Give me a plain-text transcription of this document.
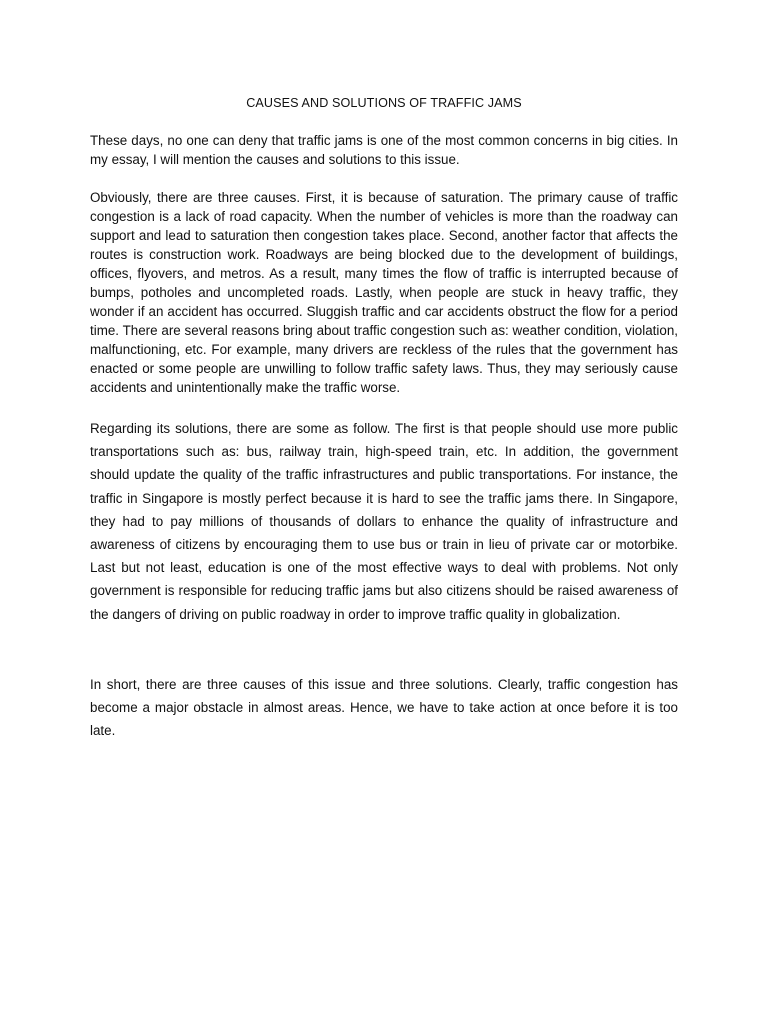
CAUSES AND SOLUTIONS OF TRAFFIC JAMS

These days, no one can deny that traffic jams is one of the most common concerns in big cities. In my essay, I will mention the causes and solutions to this issue.

Obviously, there are three causes. First, it is because of saturation. The primary cause of traffic congestion is a lack of road capacity. When the number of vehicles is more than the roadway can support and lead to saturation then congestion takes place. Second, another factor that affects the routes is construction work. Roadways are being blocked due to the development of buildings, offices, flyovers, and metros. As a result, many times the flow of traffic is interrupted because of bumps, potholes and uncompleted roads. Lastly, when people are stuck in heavy traffic, they wonder if an accident has occurred. Sluggish traffic and car accidents obstruct the flow for a period time. There are several reasons bring about traffic congestion such as: weather condition, violation, malfunctioning, etc. For example, many drivers are reckless of the rules that the government has enacted or some people are unwilling to follow traffic safety laws. Thus, they may seriously cause accidents and unintentionally make the traffic worse.

Regarding its solutions, there are some as follow. The first is that people should use more public transportations such as: bus, railway train, high-speed train, etc. In addition, the government should update the quality of the traffic infrastructures and public transportations. For instance, the traffic in Singapore is mostly perfect because it is hard to see the traffic jams there. In Singapore, they had to pay millions of thousands of dollars to enhance the quality of infrastructure and awareness of citizens by encouraging them to use bus or train in lieu of private car or motorbike. Last but not least, education is one of the most effective ways to deal with problems. Not only government is responsible for reducing traffic jams but also citizens should be raised awareness of the dangers of driving on public roadway in order to improve traffic quality in globalization.

In short, there are three causes of this issue and three solutions. Clearly, traffic congestion has become a major obstacle in almost areas. Hence, we have to take action at once before it is too late.
